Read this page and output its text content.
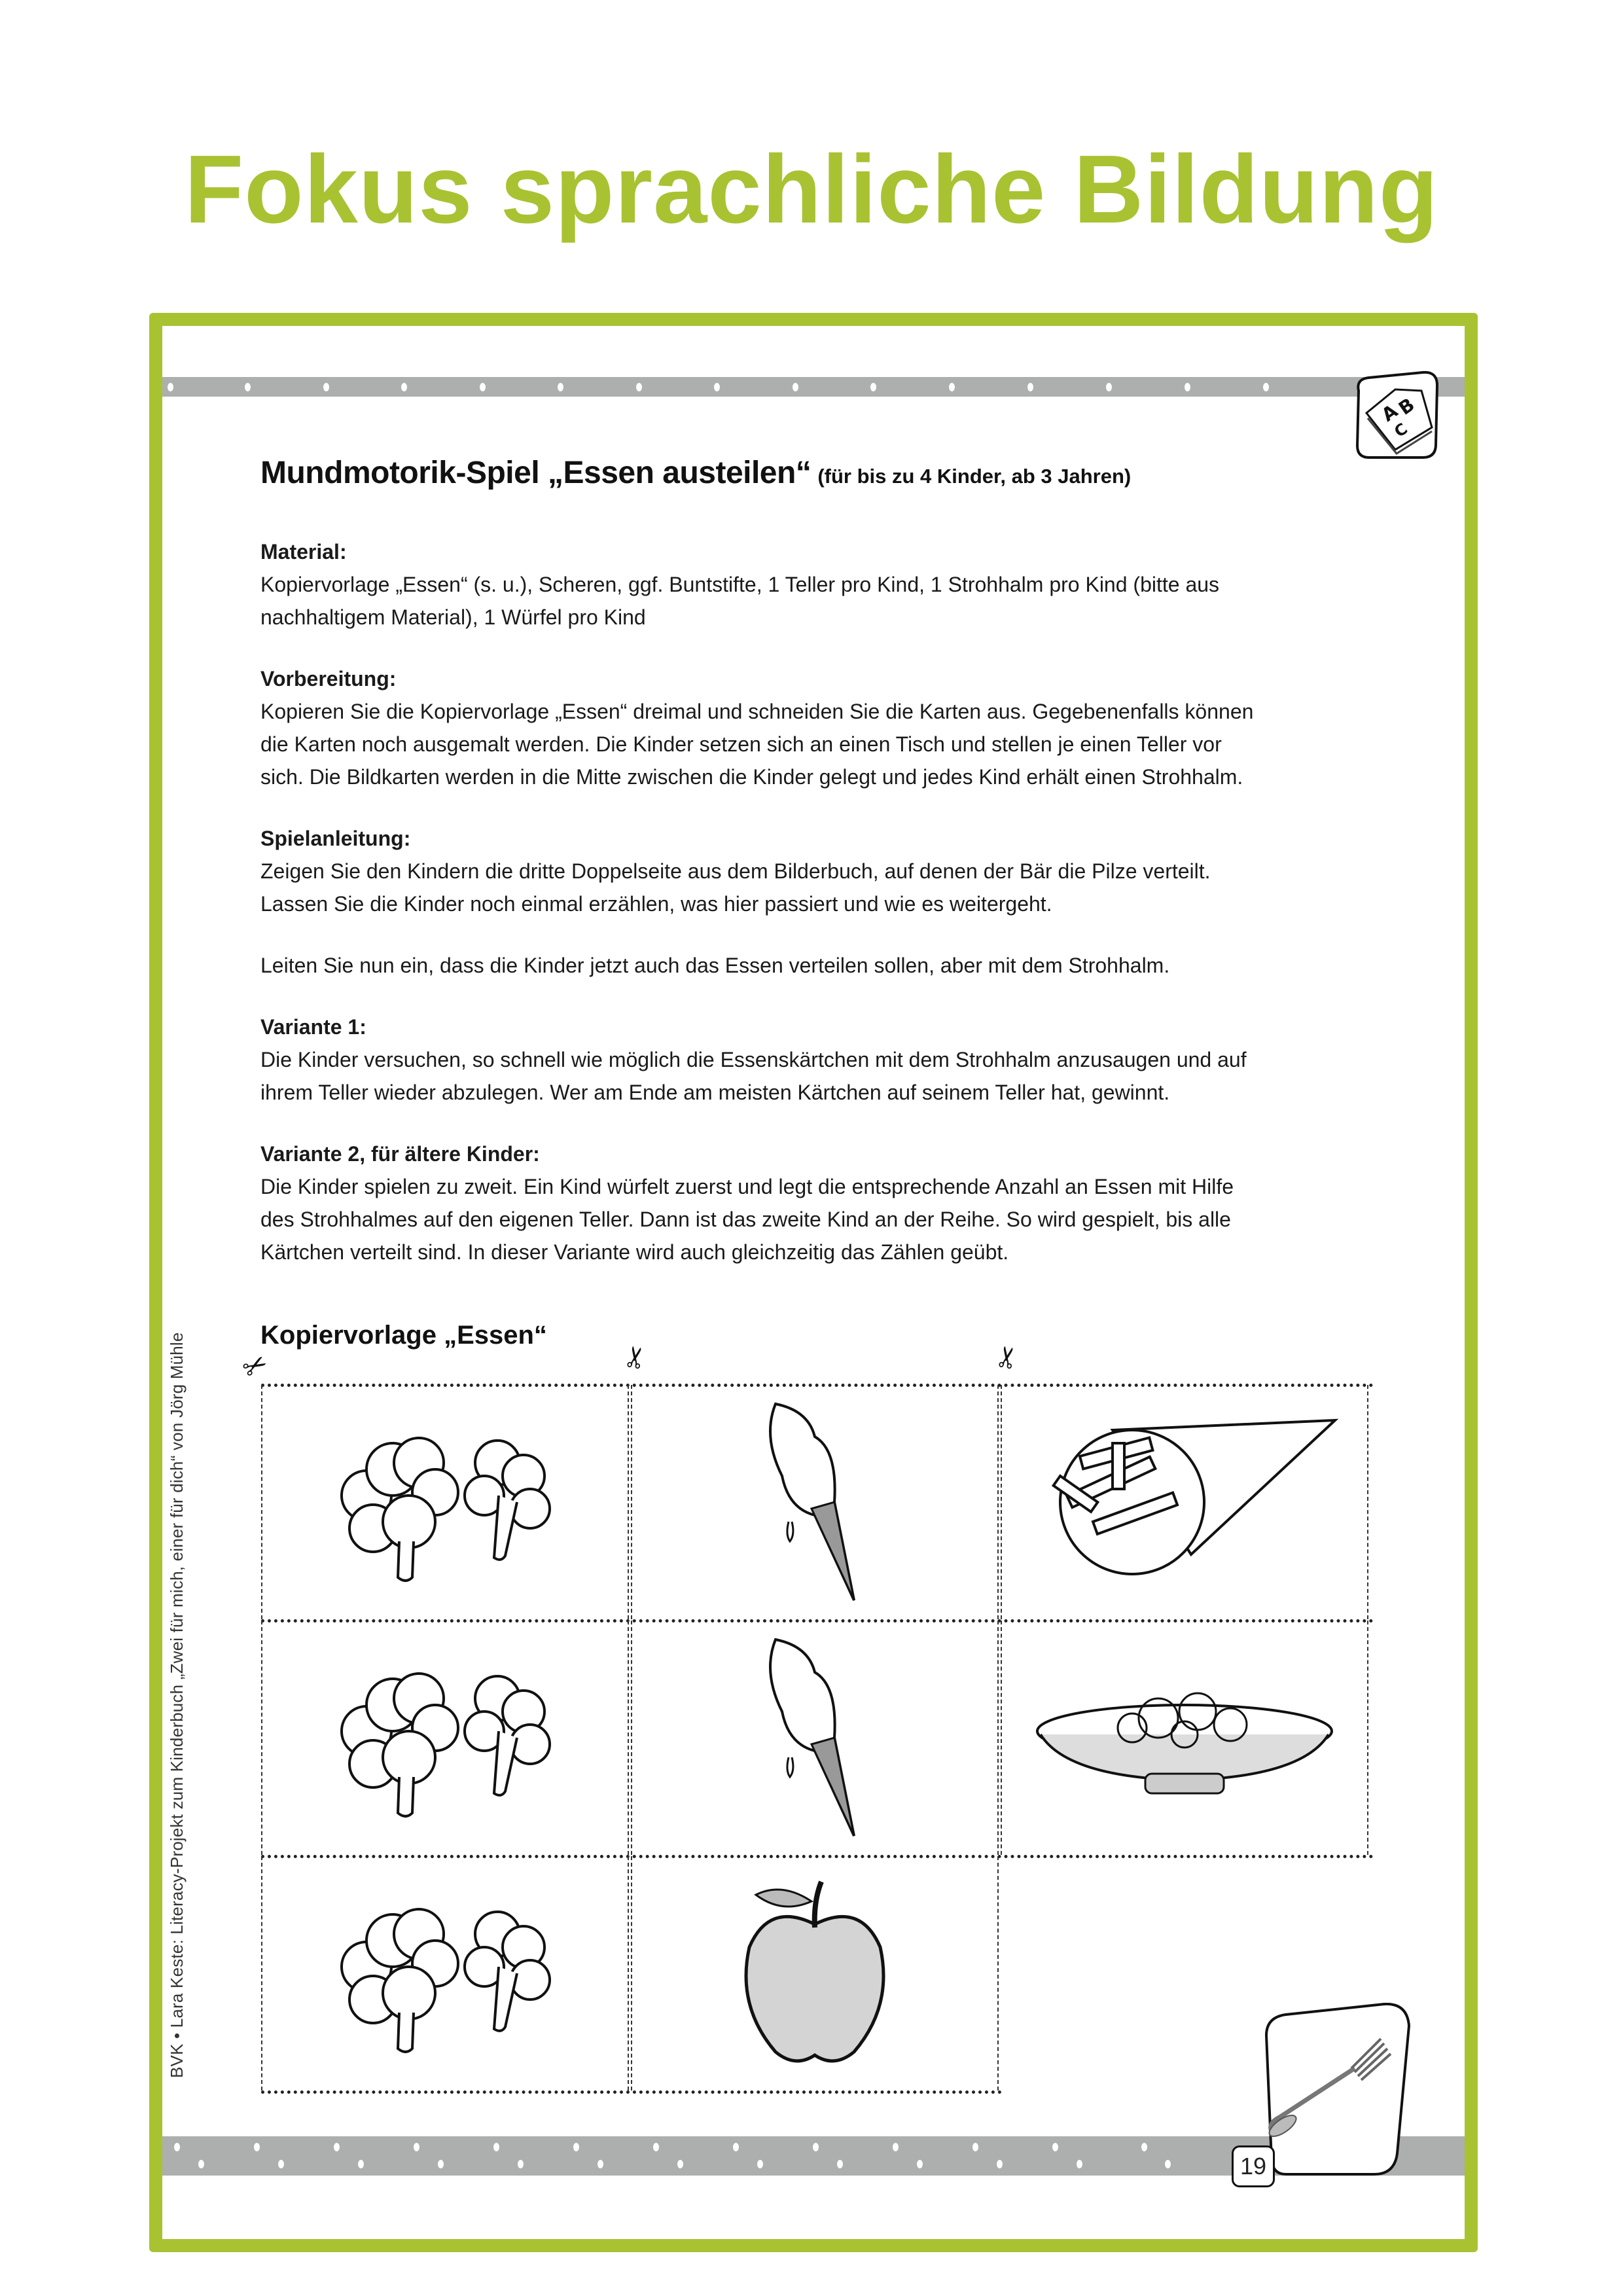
Fokus sprachliche Bildung
A
B
C
Mundmotorik-Spiel „Essen austeilen“ (für bis zu 4 Kinder, ab 3 Jahren)
Material:
Kopiervorlage „Essen“ (s. u.), Scheren, ggf. Buntstifte, 1 Teller pro Kind, 1 Strohhalm pro Kind (bitte aus
nachhaltigem Material), 1 Würfel pro Kind
Vorbereitung:
Kopieren Sie die Kopiervorlage „Essen“ dreimal und schneiden Sie die Karten aus. Gegebenenfalls können
die Karten noch ausgemalt werden. Die Kinder setzen sich an einen Tisch und stellen je einen Teller vor
sich. Die Bildkarten werden in die Mitte zwischen die Kinder gelegt und jedes Kind erhält einen Strohhalm.
Spielanleitung:
Zeigen Sie den Kindern die dritte Doppelseite aus dem Bilderbuch, auf denen der Bär die Pilze verteilt.
Lassen Sie die Kinder noch einmal erzählen, was hier passiert und wie es weitergeht.
Leiten Sie nun ein, dass die Kinder jetzt auch das Essen verteilen sollen, aber mit dem Strohhalm.
Variante 1:
Die Kinder versuchen, so schnell wie möglich die Essenskärtchen mit dem Strohhalm anzusaugen und auf
ihrem Teller wieder abzulegen. Wer am Ende am meisten Kärtchen auf seinem Teller hat, gewinnt.
Variante 2, für ältere Kinder:
Die Kinder spielen zu zweit. Ein Kind würfelt zuerst und legt die entsprechende Anzahl an Essen mit Hilfe
des Strohhalmes auf den eigenen Teller. Dann ist das zweite Kind an der Reihe. So wird gespielt, bis alle
Kärtchen verteilt sind. In dieser Variante wird auch gleichzeitig das Zählen geübt.
Kopiervorlage „Essen“
✂	✂	✂
19
BVK • Lara Keste: Literacy-Projekt zum Kinderbuch „Zwei für mich, einer für dich“ von Jörg Mühle
